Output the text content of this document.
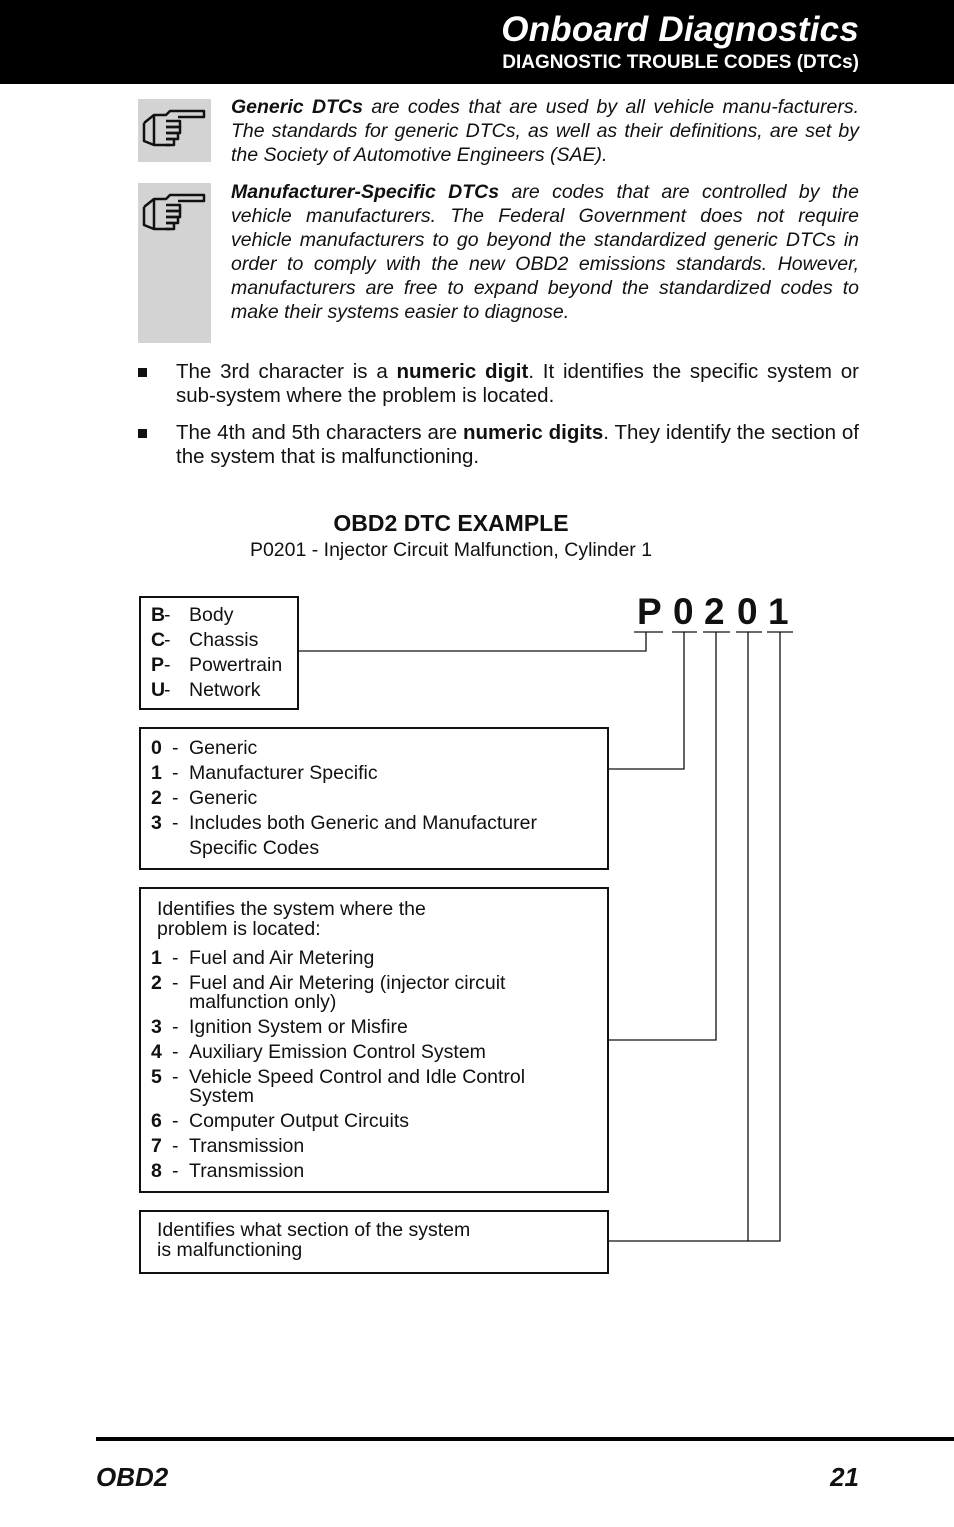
Onboard Diagnostics
DIAGNOSTIC TROUBLE CODES (DTCs)
Generic DTCs are codes that are used by all vehicle manu-facturers. The standards for generic DTCs, as well as their definitions, are set by the Society of Automotive Engineers (SAE).
Manufacturer-Specific DTCs are codes that are controlled by the vehicle manufacturers. The Federal Government does not require vehicle manufacturers to go beyond the standardized generic DTCs in order to comply with the new OBD2 emissions standards. However, manufacturers are free to expand beyond the standardized codes to make their systems easier to diagnose.
The 3rd character is a numeric digit. It identifies the specific system or sub-system where the problem is located.
The 4th and 5th characters are numeric digits. They identify the section of the system that is malfunctioning.
OBD2 DTC EXAMPLE
P0201 - Injector Circuit Malfunction, Cylinder 1
P 0 2 0 1
B
- Body

C
- Chassis

P - Powertrain

U
- Network

0 - Generic

1 - Manufacturer Specific

2 - Generic

3 - Includes both Generic and Manufacturer

Specific Codes

Identifies the system where the
problem is located:
1 - Fuel and Air Metering

2 - Fuel and Air Metering (injector circuit

malfunction only)

3 - Ignition System or Misfire

4 - Auxiliary Emission Control System

5 - Vehicle Speed Control and Idle Control

System

6 - Computer Output Circuits

7 - Transmission

8 - Transmission

Identifies what section of the system
is malfunctioning
OBD2	21
